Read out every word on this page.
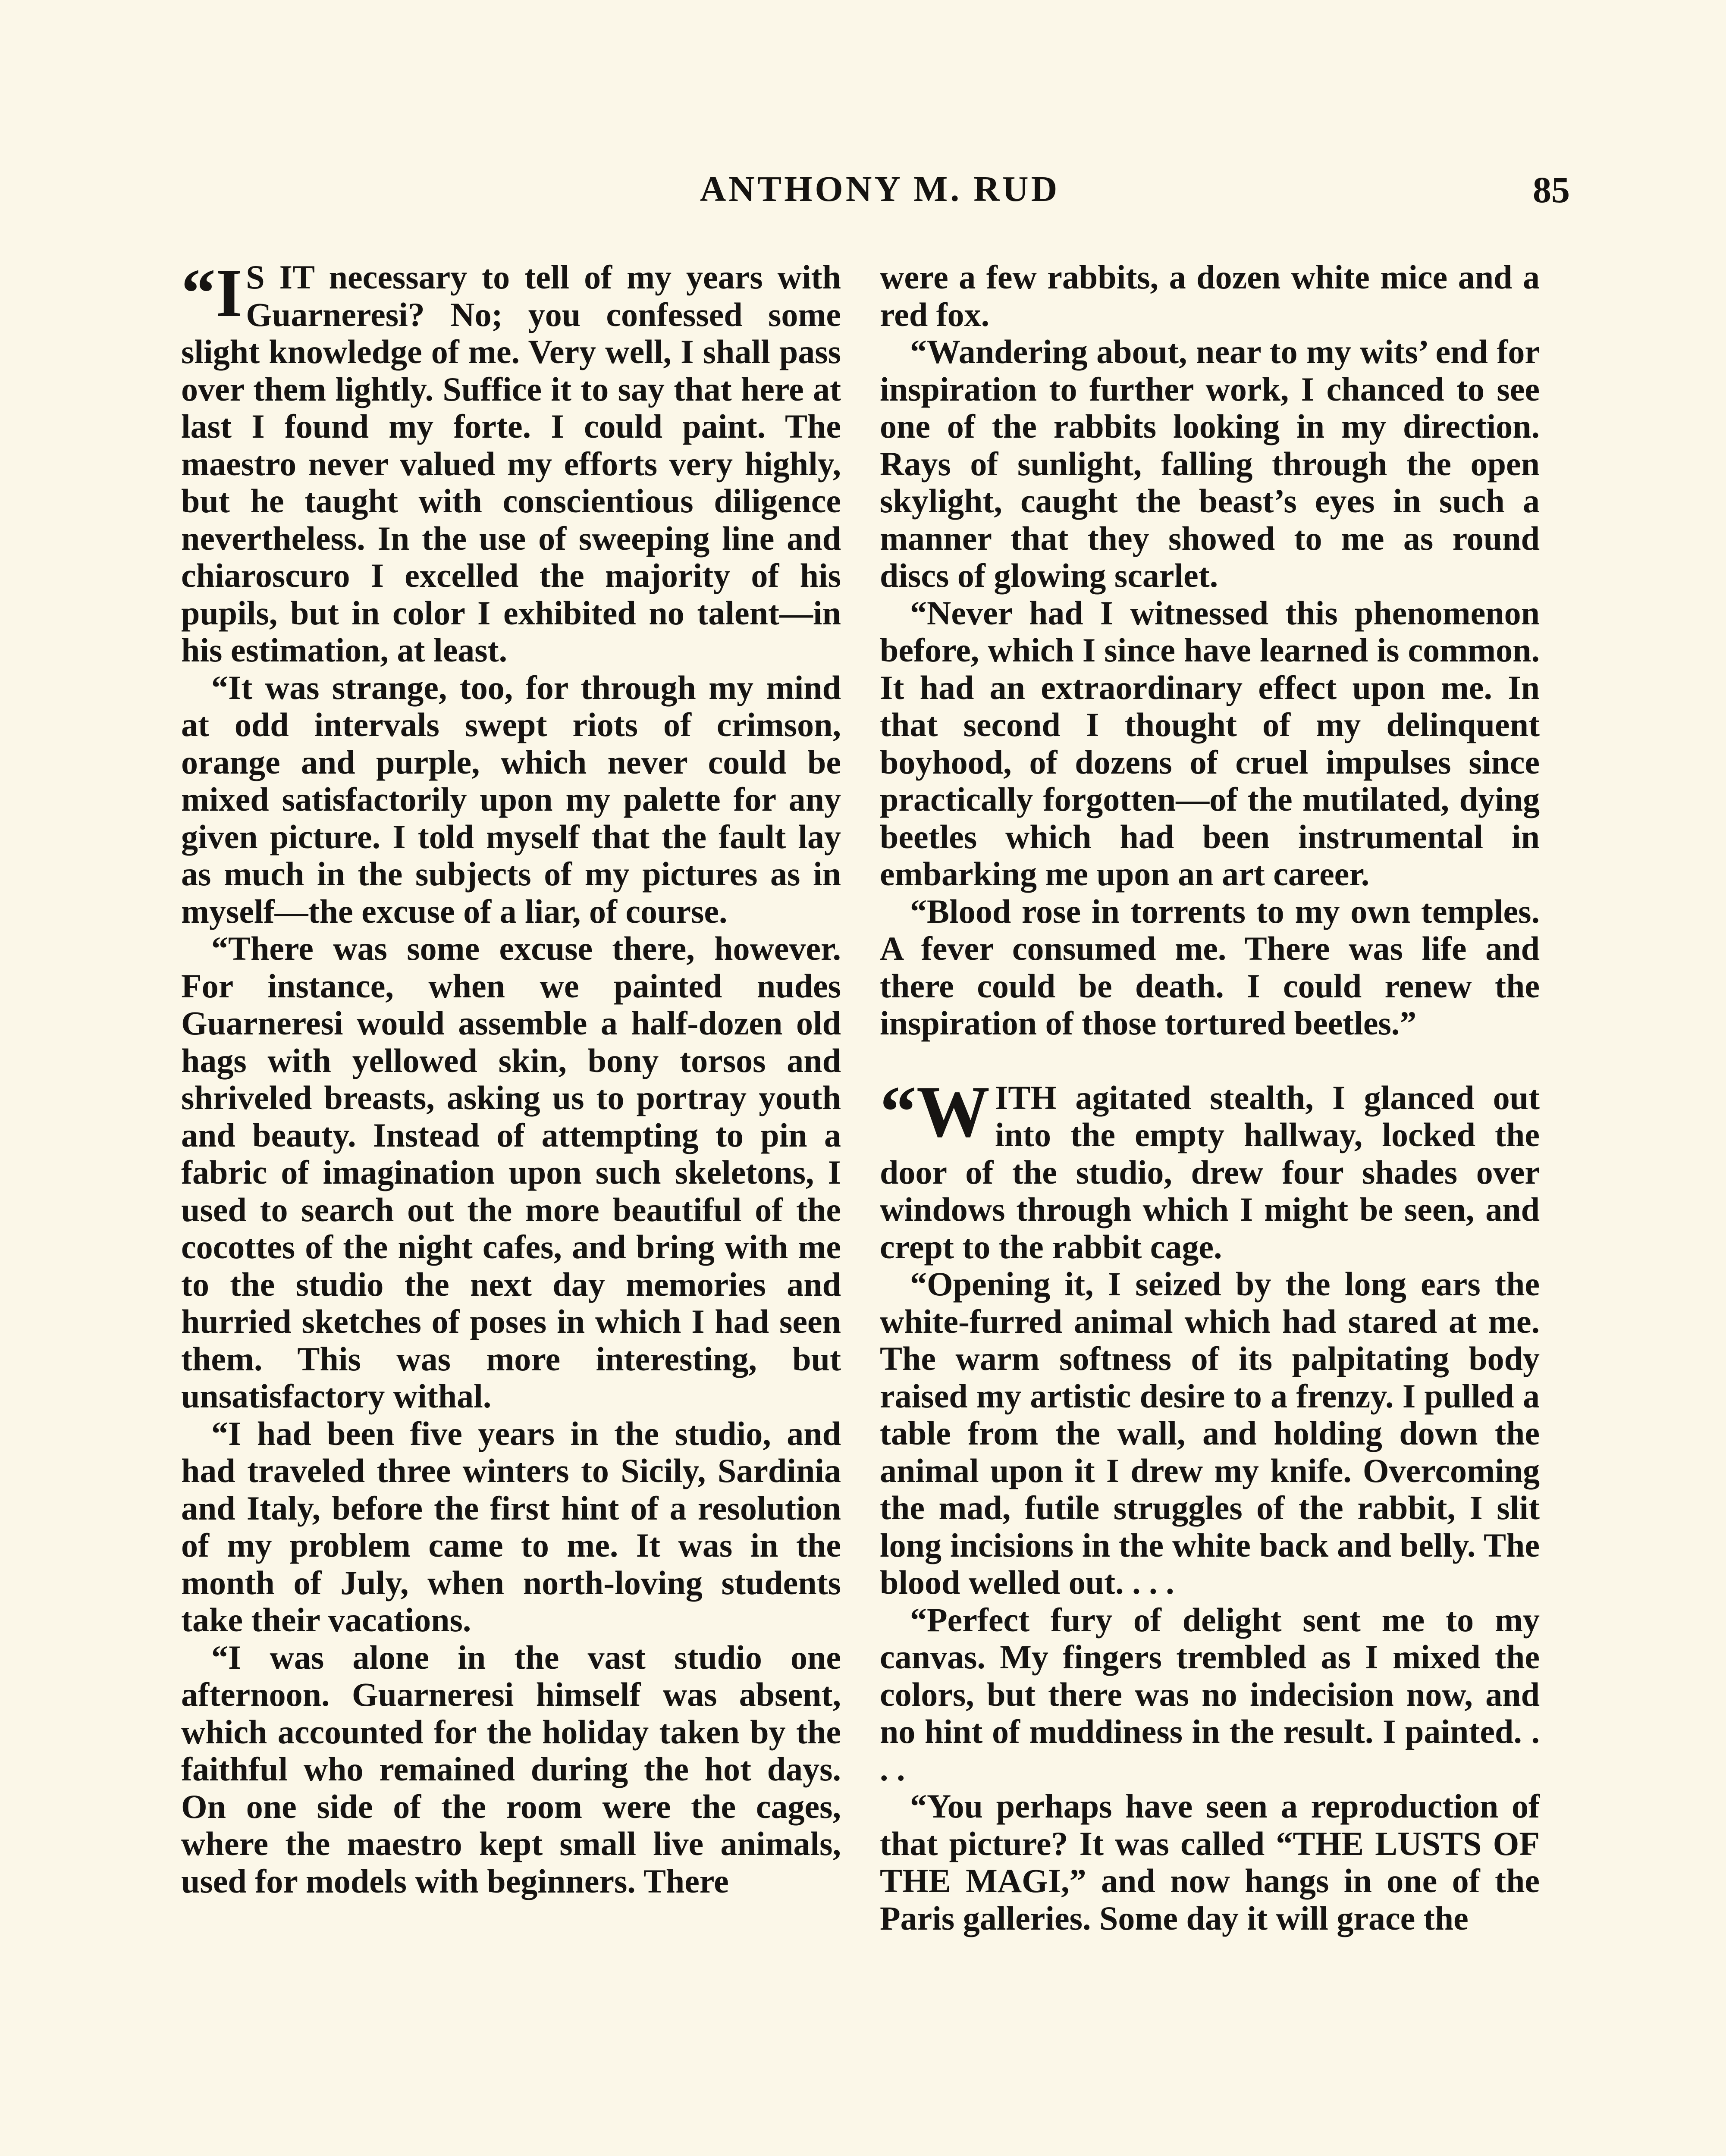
ANTHONY M. RUD	85

“I S IT necessary to tell of my years with Guarneresi? No; you confessed some slight knowledge of me. Very well, I shall pass over them lightly. Suffice it to say that here at last I found my forte. I could paint. The maestro never valued my efforts very highly, but he taught with conscientious diligence nevertheless. In the use of sweeping line and chiaroscuro I excelled the majority of his pupils, but in color I exhibited no talent—in his estimation, at least.

“It was strange, too, for through my mind at odd intervals swept riots of crimson, orange and purple, which never could be mixed satisfactorily upon my palette for any given picture. I told myself that the fault lay as much in the subjects of my pictures as in myself—the excuse of a liar, of course.

“There was some excuse there, however. For instance, when we painted nudes Guarneresi would assemble a half-dozen old hags with yellowed skin, bony torsos and shriveled breasts, asking us to portray youth and beauty. Instead of attempting to pin a fabric of imagination upon such skeletons, I used to search out the more beautiful of the cocottes of the night cafes, and bring with me to the studio the next day memories and hurried sketches of poses in which I had seen them. This was more interesting, but unsatisfactory withal.

“I had been five years in the studio, and had traveled three winters to Sicily, Sardinia and Italy, before the first hint of a resolution of my problem came to me. It was in the month of July, when north-loving students take their vacations.

“I was alone in the vast studio one afternoon. Guarneresi himself was absent, which accounted for the holiday taken by the faithful who remained during the hot days. On one side of the room were the cages, where the maestro kept small live animals, used for models with beginners. There

were a few rabbits, a dozen white mice and a red fox.

“Wandering about, near to my wits’ end for inspiration to further work, I chanced to see one of the rabbits looking in my direction. Rays of sunlight, falling through the open skylight, caught the beast’s eyes in such a manner that they showed to me as round discs of glowing scarlet.

“Never had I witnessed this phenomenon before, which I since have learned is common. It had an extraordinary effect upon me. In that second I thought of my delinquent boyhood, of dozens of cruel impulses since practically forgotten—of the mutilated, dying beetles which had been instrumental in embarking me upon an art career.

“Blood rose in torrents to my own temples. A fever consumed me. There was life and there could be death. I could renew the inspiration of those tortured beetles.”

“W ITH agitated stealth, I glanced out into the empty hallway, locked the door of the studio, drew four shades over windows through which I might be seen, and crept to the rabbit cage.

“Opening it, I seized by the long ears the white-furred animal which had stared at me. The warm softness of its palpitating body raised my artistic desire to a frenzy. I pulled a table from the wall, and holding down the animal upon it I drew my knife. Overcoming the mad, futile struggles of the rabbit, I slit long incisions in the white back and belly. The blood welled out. . . .

“Perfect fury of delight sent me to my canvas. My fingers trembled as I mixed the colors, but there was no indecision now, and no hint of muddiness in the result. I painted. . . .

“You perhaps have seen a reproduction of that picture? It was called “THE LUSTS OF THE MAGI,” and now hangs in one of the Paris galleries. Some day it will grace the
